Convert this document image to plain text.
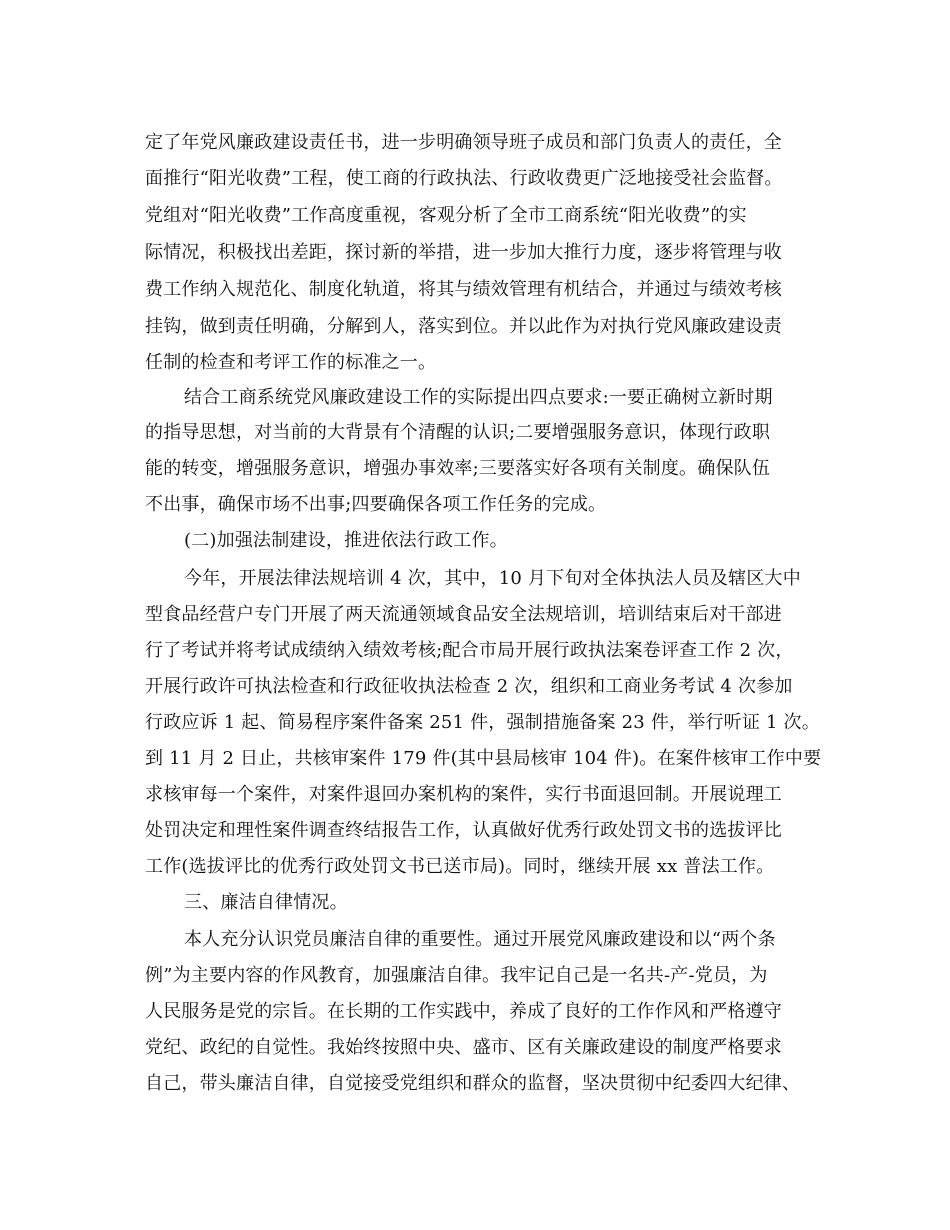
定了年党风廉政建设责任书，进一步明确领导班子成员和部门负责人的责任，全
面推行“阳光收费”工程，使工商的行政执法、行政收费更广泛地接受社会监督。
党组对“阳光收费”工作高度重视，客观分析了全市工商系统“阳光收费”的实
际情况，积极找出差距，探讨新的举措，进一步加大推行力度，逐步将管理与收
费工作纳入规范化、制度化轨道，将其与绩效管理有机结合，并通过与绩效考核
挂钩，做到责任明确，分解到人，落实到位。并以此作为对执行党风廉政建设责
任制的检查和考评工作的标准之一。
结合工商系统党风廉政建设工作的实际提出四点要求:一要正确树立新时期
的指导思想，对当前的大背景有个清醒的认识;二要增强服务意识，体现行政职
能的转变，增强服务意识，增强办事效率;三要落实好各项有关制度。确保队伍
不出事，确保市场不出事;四要确保各项工作任务的完成。
(二)加强法制建设，推进依法行政工作。
今年，开展法律法规培训 4 次，其中，10 月下旬对全体执法人员及辖区大中
型食品经营户专门开展了两天流通领域食品安全法规培训，培训结束后对干部进
行了考试并将考试成绩纳入绩效考核;配合市局开展行政执法案卷评查工作 2 次，
开展行政许可执法检查和行政征收执法检查 2 次，组织和工商业务考试 4 次参加
行政应诉 1 起、简易程序案件备案 251 件，强制措施备案 23 件，举行听证 1 次。
到 11 月 2 日止，共核审案件 179 件(其中县局核审 104 件)。在案件核审工作中要
求核审每一个案件，对案件退回办案机构的案件，实行书面退回制。开展说理工
处罚决定和理性案件调查终结报告工作，认真做好优秀行政处罚文书的选拔评比
工作(选拔评比的优秀行政处罚文书已送市局)。同时，继续开展 xx 普法工作。
三、廉洁自律情况。
本人充分认识党员廉洁自律的重要性。通过开展党风廉政建设和以“两个条
例”为主要内容的作风教育，加强廉洁自律。我牢记自己是一名共-产-党员，为
人民服务是党的宗旨。在长期的工作实践中，养成了良好的工作作风和严格遵守
党纪、政纪的自觉性。我始终按照中央、盛市、区有关廉政建设的制度严格要求
自己，带头廉洁自律，自觉接受党组织和群众的监督，坚决贯彻中纪委四大纪律、
